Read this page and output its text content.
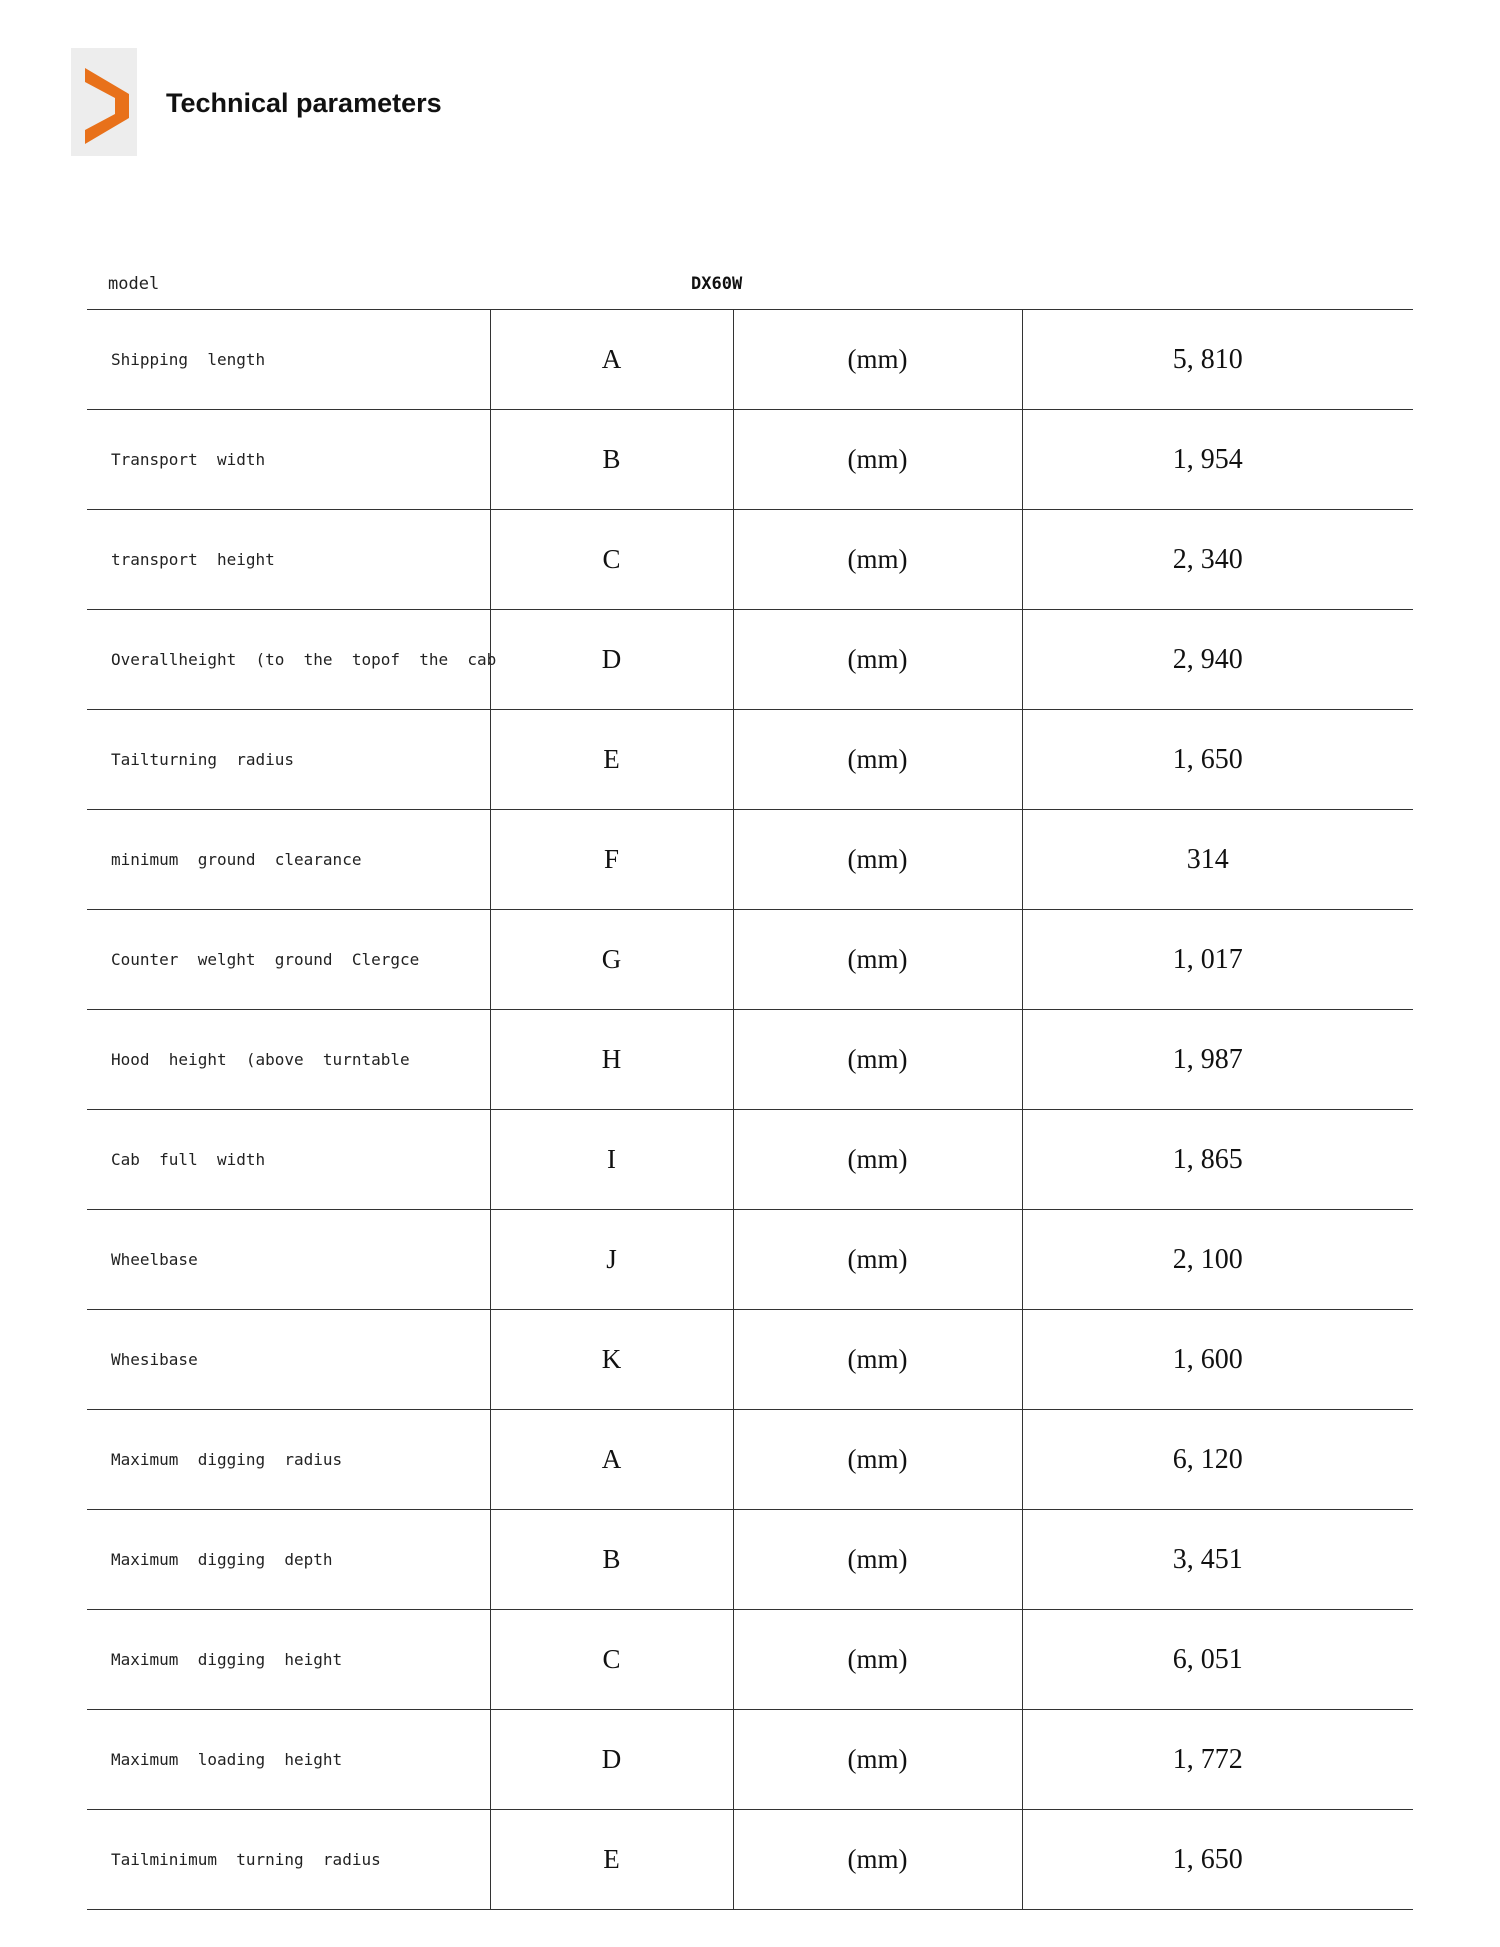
Technical parameters
model	DX60W
Shipping  length	A	(mm)	5, 810
Transport  width	B	(mm)	1, 954
transport  height	C	(mm)	2, 340
Overallheight  (to  the  topof  the  cab	D	(mm)	2, 940
Tailturning  radius	E	(mm)	1, 650
minimum  ground  clearance	F	(mm)	314
Counter  welght  ground  Clergce	G	(mm)	1, 017
Hood  height  (above  turntable	H	(mm)	1, 987
Cab  full  width	I	(mm)	1, 865
Wheelbase	J	(mm)	2, 100
Whesibase	K	(mm)	1, 600
Maximum  digging  radius	A	(mm)	6, 120
Maximum  digging  depth	B	(mm)	3, 451
Maximum  digging  height	C	(mm)	6, 051
Maximum  loading  height	D	(mm)	1, 772
Tailminimum  turning  radius	E	(mm)	1, 650
